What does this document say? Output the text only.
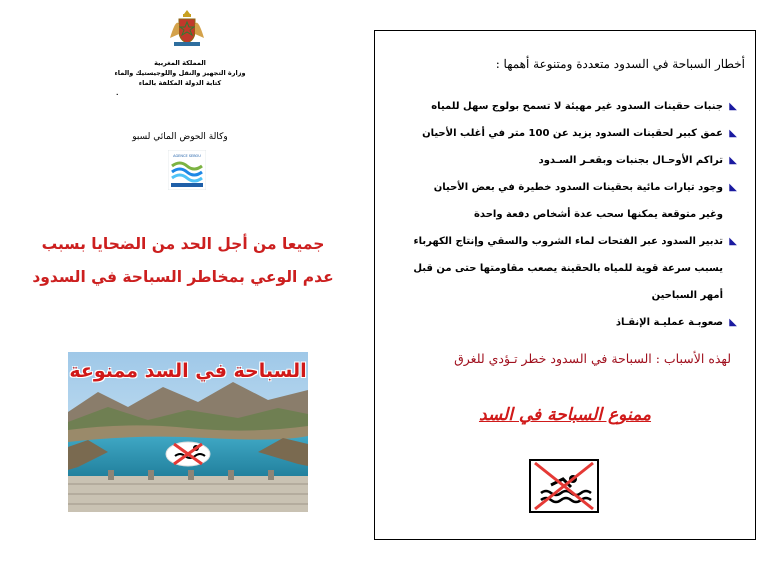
المملكة المغربية
وزارة التجهيز والنقل واللوجيستيك والماء
كتابة الدولة المكلفة بالماء
.
وكالة الحوض المائي لسبو
AGENCE SEBOU
جميعا من أجل الحد من الضحايا بسبب
عدم الوعي بمخاطر السباحة في السدود
السباحة في السد ممنوعة
أخطار السباحة في السدود متعددة ومتنوعة أهمها :
◣
جنبات حقينات السدود غير مهيئة لا تسمح بولوج سهل للمياه
◣
عمق كبير لحقينات السدود يزيد عن 100 متر في أغلب الأحيان
◣
تراكم الأوحـال بجنبات وبقعـر السـدود
◣
وجود تيارات مائية بحقينات السدود خطيرة في بعض الأحيان
وغير متوقعة يمكنها سحب عدة أشخاص دفعة واحدة
◣
تدبير السدود عبر الفتحات لماء الشروب والسقي وإنتاج الكهرباء
يسبب سرعة قوية للمياه بالحقينة يصعب مقاومتها حتى من قبل
أمهر السباحين
◣
صعوبـة عمليـة الإنقـاذ
لهذه الأسباب : السباحة في السدود خطر تـؤدي للغرق
ممنوع السباحة في السد
